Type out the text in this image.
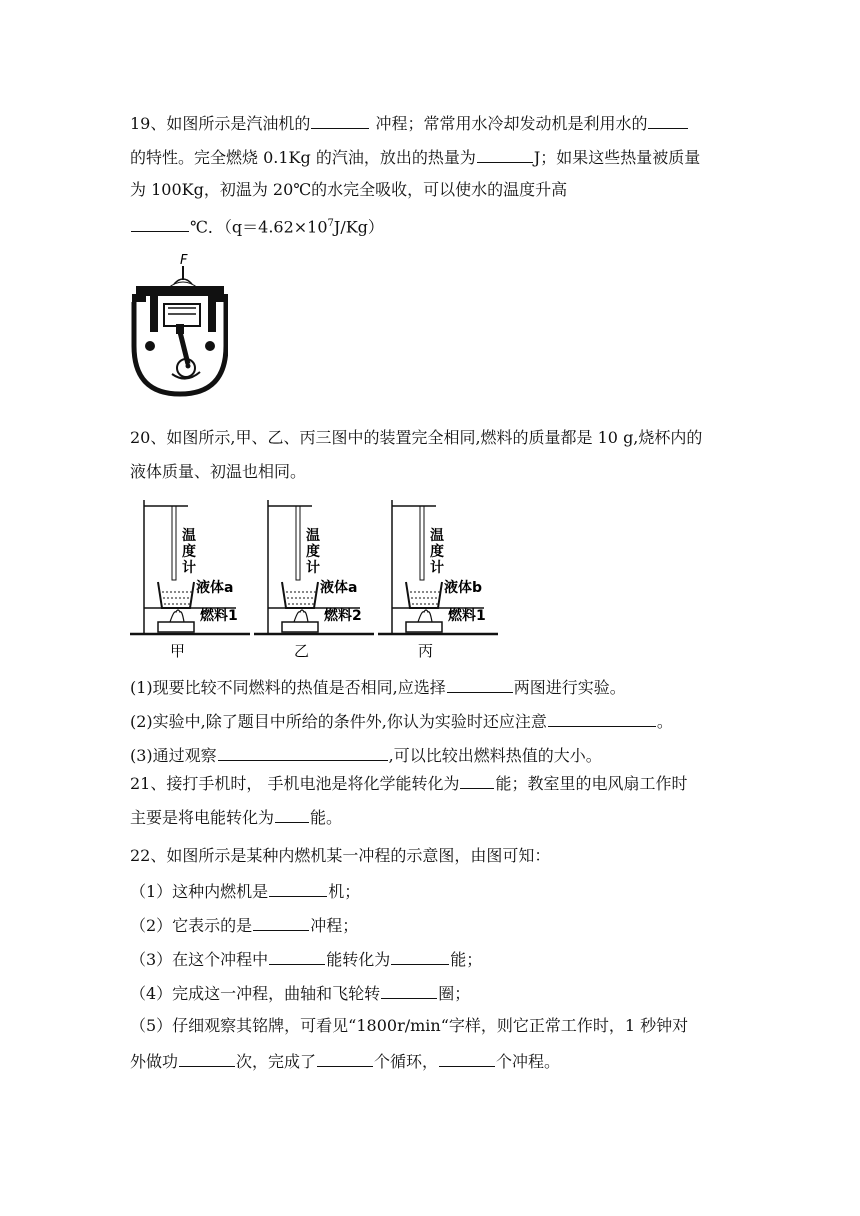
19、如图所示是汽油机的	冲程；常常用水冷却发动机是利用水的
的特性。完全燃烧 0.1Kg 的汽油，放出的热量为	J；如果这些热量被质量
为 100Kg，初温为 20℃的水完全吸收，可以使水的温度升高
℃．$(q=4.62\times 10^7J/Kg)$
F
20、如图所示,甲、乙、丙三图中的装置完全相同,燃料的质量都是 10 g,烧杯内的
液体质量、初温也相同。
温
度
计
液体a
燃料1
甲
温
度
计
液体a
燃料2
乙
温
度
计
液体b
燃料1
丙
(1)现要比较不同燃料的热值是否相同,应选择	两图进行实验。
(2)实验中,除了题目中所给的条件外,你认为实验时还应注意	。
(3)通过观察	,可以比较出燃料热值的大小。
21、接打手机时， 手机电池是将化学能转化为 能；教室里的电风扇工作时
主要是将电能转化为 能。
22、如图所示是某种内燃机某一冲程的示意图，由图可知：
（1）这种内燃机是	机；
（2）它表示的是	冲程；
（3）在这个冲程中	能转化为	能；
（4）完成这一冲程，曲轴和飞轮转	圈；
（5）仔细观察其铭牌，可看见“1800r/min“字样，则它正常工作时，1 秒钟对
外做功	次，完成了	个循环，	个冲程。
